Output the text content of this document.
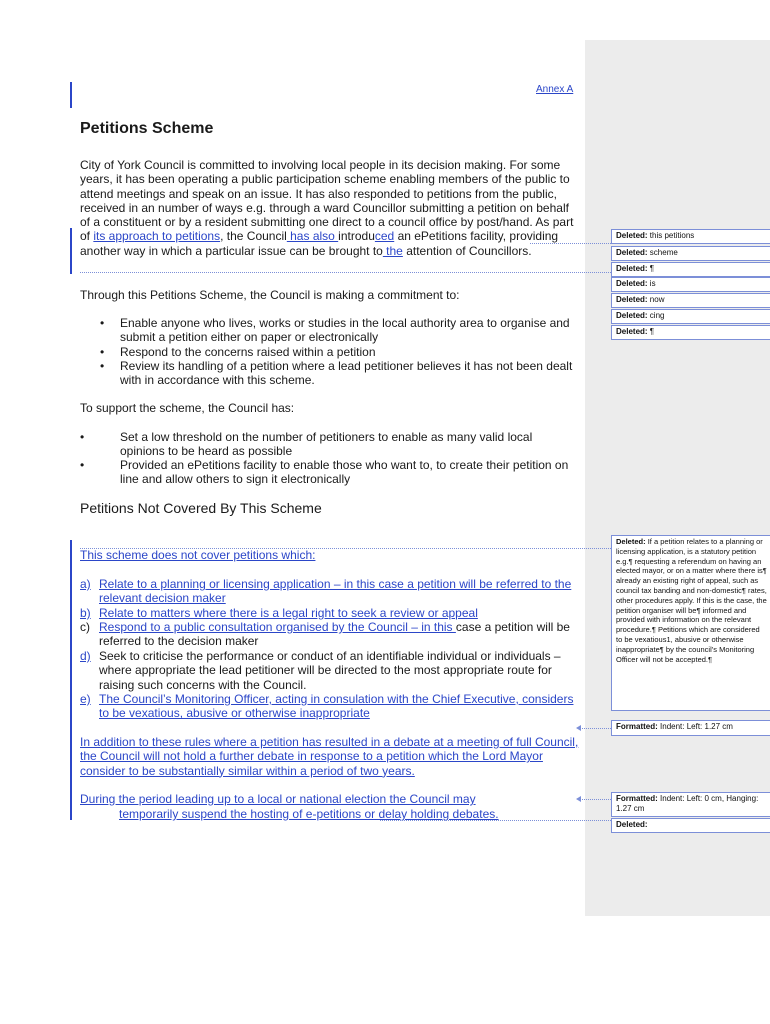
Annex A
Petitions Scheme
City of York Council is committed to involving local people in its decision making. For some years, it has been operating a public participation scheme enabling members of the public to attend meetings and speak on an issue. It has also responded to petitions from the public, received in an number of ways e.g. through a ward Councillor submitting a petition on behalf of a constituent or by a resident submitting one direct to a council office by post/hand. As part of its approach to petitions, the Council has also introduced an ePetitions facility, providing another way in which a particular issue can be brought to the attention of Councillors.
Through this Petitions Scheme, the Council is making a commitment to:
• Enable anyone who lives, works or studies in the local authority area to organise and submit a petition either on paper or electronically
• Respond to the concerns raised within a petition
• Review its handling of a petition where a lead petitioner believes it has not been dealt with in accordance with this scheme.
To support the scheme, the Council has:
•	Set a low threshold on the number of petitioners to enable as many valid local opinions to be heard as possible
•	Provided an ePetitions facility to enable those who want to, to create their petition on line and allow others to sign it electronically
Petitions Not Covered By This Scheme
This scheme does not cover petitions which:
a) Relate to a planning or licensing application – in this case a petition will be referred to the relevant decision maker
b) Relate to matters where there is a legal right to seek a review or appeal
c) Respond to a public consultation organised by the Council – in this case a petition will be referred to the decision maker
d) Seek to criticise the performance or conduct of an identifiable individual or individuals – where appropriate the lead petitioner will be directed to the most appropriate route for raising such concerns with the Council.
e) The Council’s Monitoring Officer, acting in consulation with the Chief Executive, considers to be vexatious, abusive or otherwise inappropriate
In addition to these rules where a petition has resulted in a debate at a meeting of full Council, the Council will not hold a further debate in response to a petition which the Lord Mayor consider to be substantially similar within a period of two years.
During the period leading up to a local or national election the Council may
temporarily suspend the hosting of e-petitions or delay holding debates.
Deleted: this petitions
Deleted: scheme
Deleted: ¶
Deleted: is
Deleted: now
Deleted: cing
Deleted: ¶
Deleted: If a petition relates to a planning or licensing application, is a statutory petition e.g.¶ requesting a referendum on having an elected mayor, or on a matter where there is¶ already an existing right of appeal, such as council tax banding and non-domestic¶ rates, other procedures apply. If this is the case, the petition organiser will be¶ informed and provided with information on the relevant procedure.¶ Petitions which are considered to be vexatious1, abusive or otherwise inappropriate¶ by the council’s Monitoring Officer will not be accepted.¶
Formatted: Indent: Left: 1.27 cm
Formatted: Indent: Left: 0 cm, Hanging: 1.27 cm
Deleted:
